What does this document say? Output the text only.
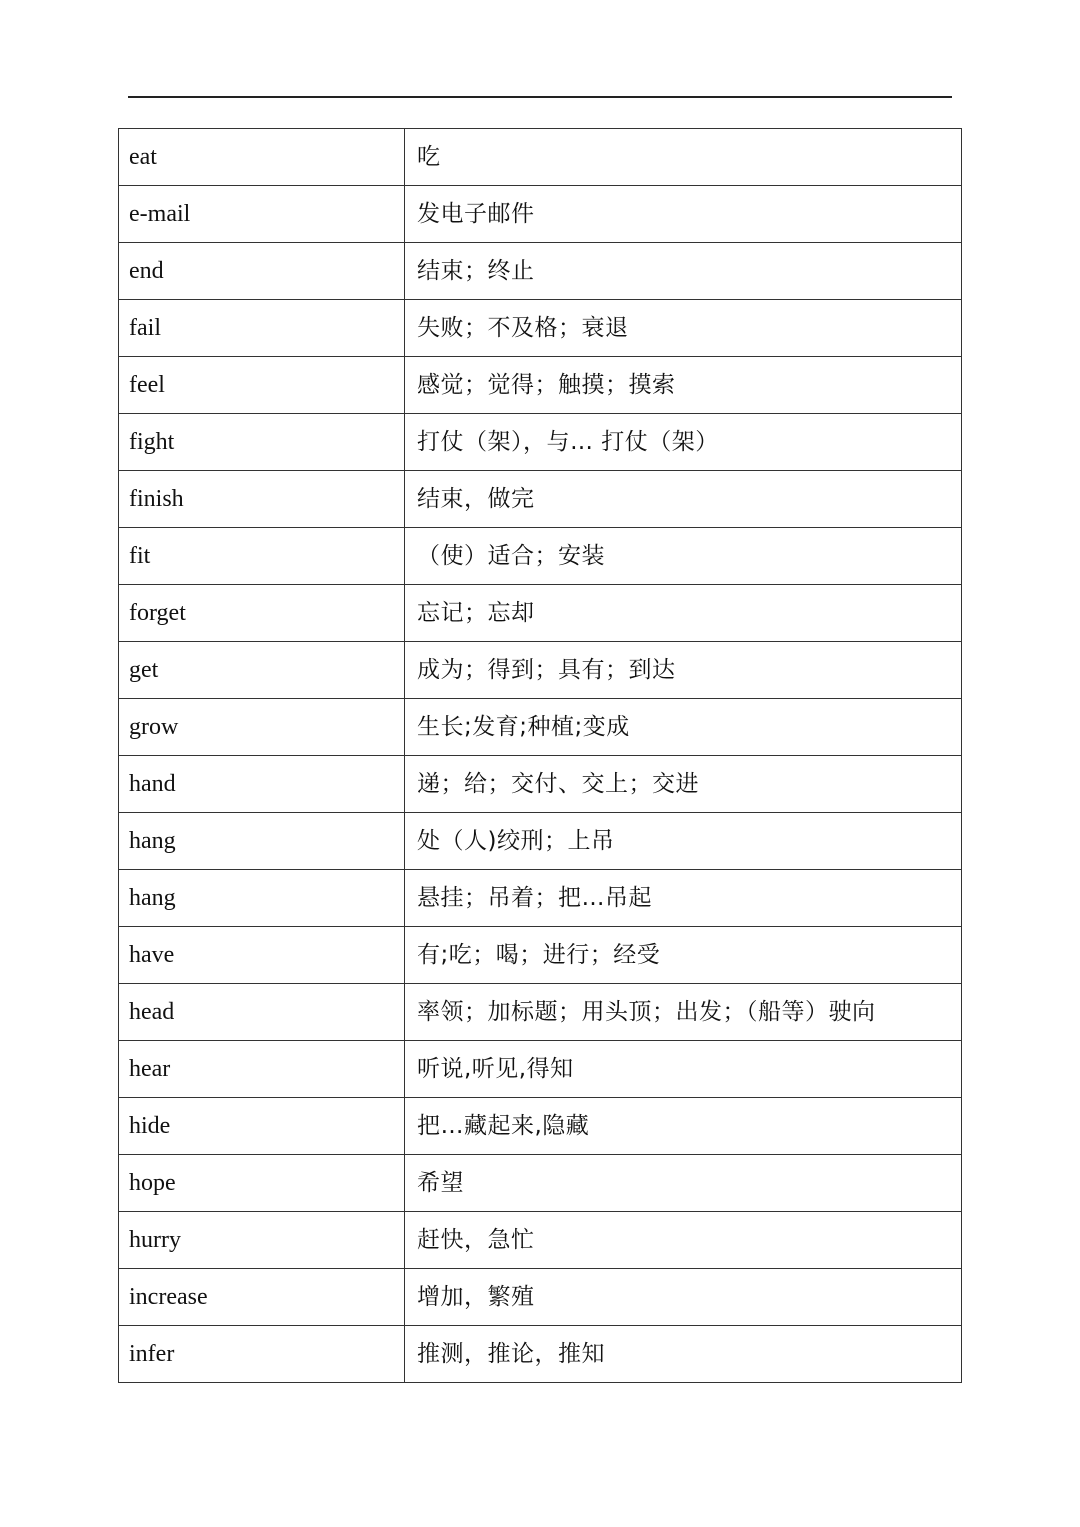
eat	吃
e-mail	发电子邮件
end	结束；终止
fail	失败；不及格；衰退
feel	感觉；觉得；触摸；摸索
fight	打仗（架），与… 打仗（架）
finish	结束，做完
fit	（使）适合；安装
forget	忘记；忘却
get	成为；得到；具有；到达
grow	生长;发育;种植;变成
hand	递；给；交付、交上；交进
hang	处（人)绞刑；上吊
hang	悬挂；吊着；把…吊起
have	有;吃；喝；进行；经受
head	率领；加标题；用头顶；出发；（船等）驶向
hear	听说,听见,得知
hide	把…藏起来,隐藏
hope	希望
hurry	赶快，急忙
increase	增加，繁殖
infer	推测，推论，推知
